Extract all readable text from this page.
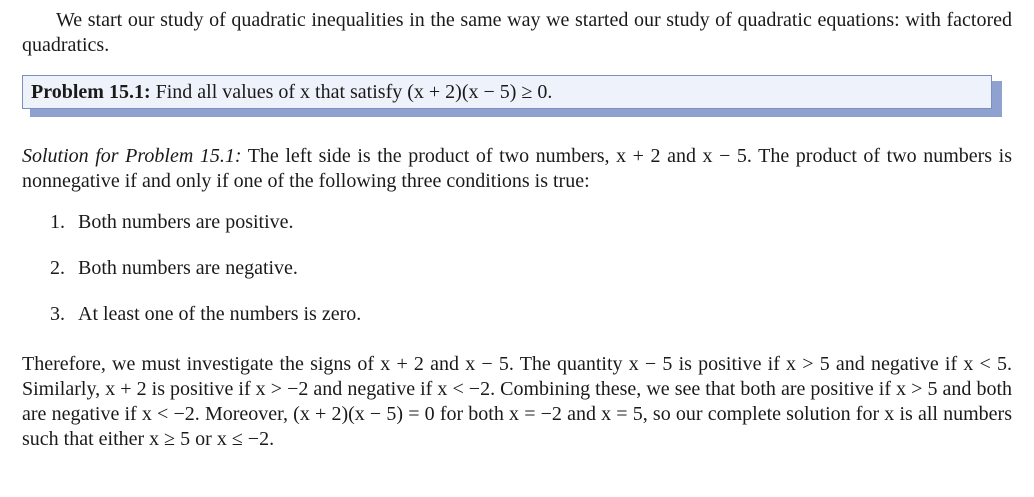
We start our study of quadratic inequalities in the same way we started our study of quadratic equations: with factored quadratics.

Problem 15.1: Find all values of x that satisfy (x + 2)(x − 5) ≥ 0.

Solution for Problem 15.1: The left side is the product of two numbers, x + 2 and x − 5. The product of two numbers is nonnegative if and only if one of the following three conditions is true:

1. Both numbers are positive.
2. Both numbers are negative.
3. At least one of the numbers is zero.

Therefore, we must investigate the signs of x + 2 and x − 5. The quantity x − 5 is positive if x > 5 and negative if x < 5. Similarly, x + 2 is positive if x > −2 and negative if x < −2. Combining these, we see that both are positive if x > 5 and both are negative if x < −2. Moreover, (x + 2)(x − 5) = 0 for both x = −2 and x = 5, so our complete solution for x is all numbers such that either x ≥ 5 or x ≤ −2.
